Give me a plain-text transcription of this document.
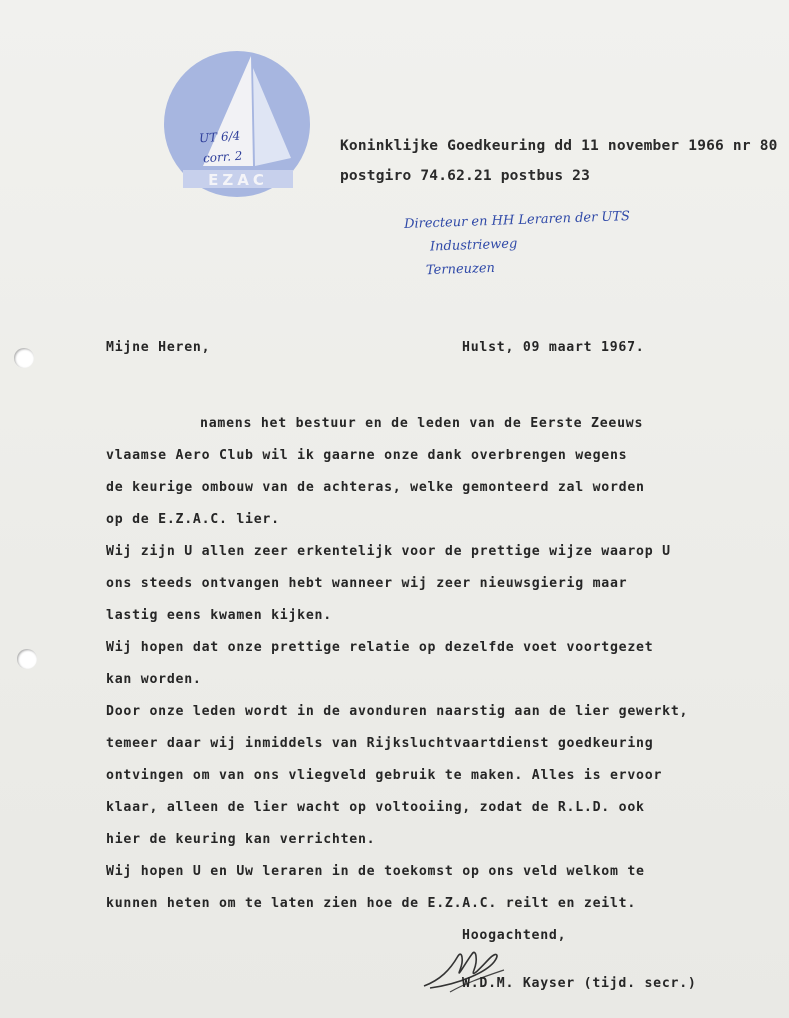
EZAC
UT 6/4
corr. 2
Koninklijke Goedkeuring dd 11 november 1966 nr 80
postgiro 74.62.21 postbus 23
Directeur en HH Leraren der UTS
Industrieweg
Terneuzen
Mijne Heren,	Hulst, 09 maart 1967.
namens het bestuur en de leden van de Eerste Zeeuws
vlaamse Aero Club wil ik gaarne onze dank overbrengen wegens
de keurige ombouw van de achteras, welke gemonteerd zal worden
op de E.Z.A.C. lier.
Wij zijn U allen zeer erkentelijk voor de prettige wijze waarop U
ons steeds ontvangen hebt wanneer wij zeer nieuwsgierig maar
lastig eens kwamen kijken.
Wij hopen dat onze prettige relatie op dezelfde voet voortgezet
kan worden.
Door onze leden wordt in de avonduren naarstig aan de lier gewerkt,
temeer daar wij inmiddels van Rijksluchtvaartdienst goedkeuring
ontvingen om van ons vliegveld gebruik te maken. Alles is ervoor
klaar, alleen de lier wacht op voltooiing, zodat de R.L.D. ook
hier de keuring kan verrichten.
Wij hopen U en Uw leraren in de toekomst op ons veld welkom te
kunnen heten om te laten zien hoe de E.Z.A.C. reilt en zeilt.
Hoogachtend,
W.D.M. Kayser (tijd. secr.)
